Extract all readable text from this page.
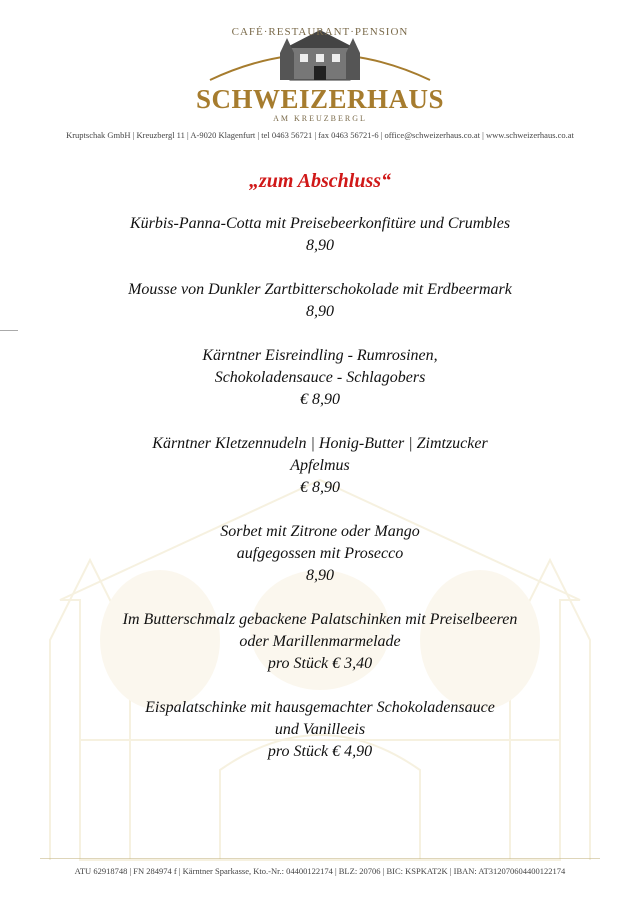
CAFÉ·RESTAURANT·PENSION
SCHWEIZERHAUS
AM KREUZBERGL
Kruptschak GmbH | Kreuzbergl 11 | A-9020 Klagenfurt | tel 0463 56721 | fax 0463 56721-6 | office@schweizerhaus.co.at | www.schweizerhaus.co.at
„zum Abschluss“
Kürbis-Panna-Cotta mit Preisebeerkonfitüre und Crumbles
8,90
Mousse von Dunkler Zartbitterschokolade mit Erdbeermark
8,90
Kärntner Eisreindling - Rumrosinen,
Schokoladensauce - Schlagobers
€ 8,90
Kärntner Kletzennudeln | Honig-Butter | Zimtzucker
Apfelmus
€ 8,90
Sorbet mit Zitrone oder Mango
aufgegossen mit Prosecco
8,90
Im Butterschmalz gebackene Palatschinken mit Preiselbeeren
oder Marillenmarmelade
pro Stück € 3,40
Eispalatschinke mit hausgemachter Schokoladensauce
und Vanilleeis
pro Stück € 4,90
ATU 62918748 | FN 284974 f | Kärntner Sparkasse, Kto.-Nr.: 04400122174 | BLZ: 20706 | BIC: KSPKAT2K | IBAN: AT312070604400122174
